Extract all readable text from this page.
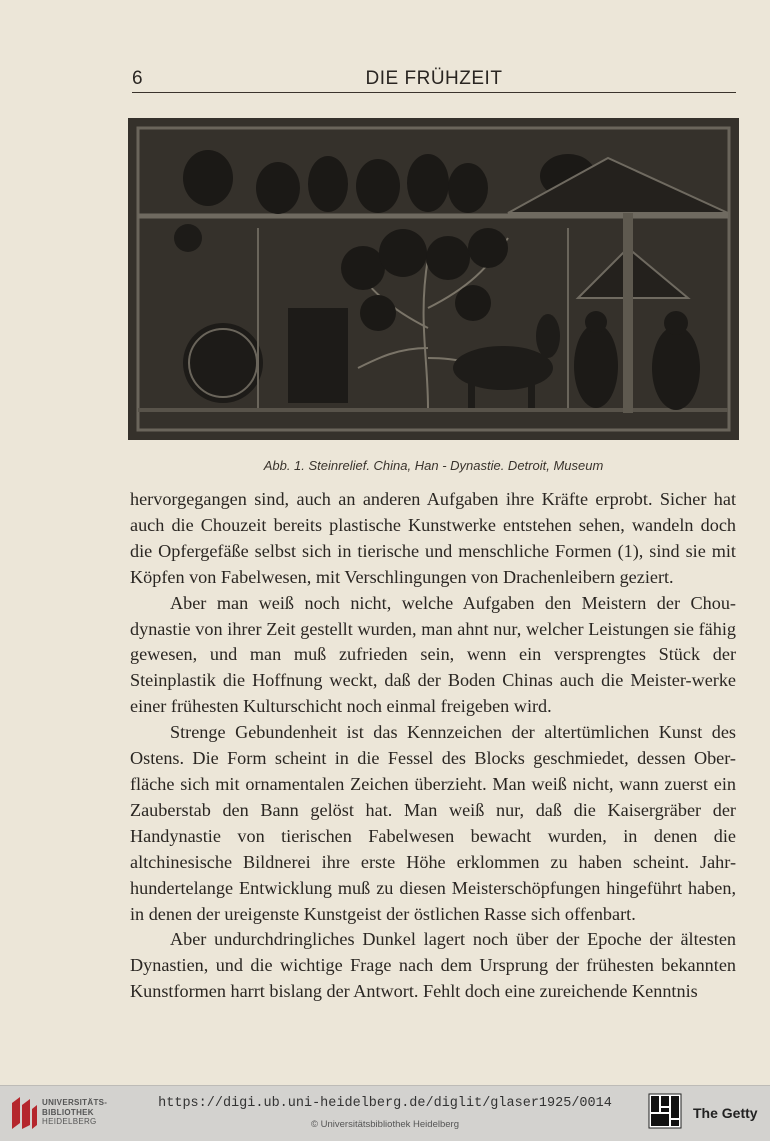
6	DIE FRÜHZEIT
Abb. 1. Steinrelief. China, Han - Dynastie. Detroit, Museum

hervorgegangen sind, auch an anderen Aufgaben ihre Kräfte erprobt. Sicher hat auch die Chouzeit bereits plastische Kunstwerke entstehen sehen, wandeln doch die Opfergefäße selbst sich in tierische und menschliche Formen (1), sind sie mit Köpfen von Fabelwesen, mit Verschlingungen von Drachenleibern geziert.

Aber man weiß noch nicht, welche Aufgaben den Meistern der Chou-dynastie von ihrer Zeit gestellt wurden, man ahnt nur, welcher Leistungen sie fähig gewesen, und man muß zufrieden sein, wenn ein versprengtes Stück der Steinplastik die Hoffnung weckt, daß der Boden Chinas auch die Meister-werke einer frühesten Kulturschicht noch einmal freigeben wird.

Strenge Gebundenheit ist das Kennzeichen der altertümlichen Kunst des Ostens. Die Form scheint in die Fessel des Blocks geschmiedet, dessen Ober-fläche sich mit ornamentalen Zeichen überzieht. Man weiß nicht, wann zuerst ein Zauberstab den Bann gelöst hat. Man weiß nur, daß die Kaisergräber der Handynastie von tierischen Fabelwesen bewacht wurden, in denen die altchinesische Bildnerei ihre erste Höhe erklommen zu haben scheint. Jahr-hundertelange Entwicklung muß zu diesen Meisterschöpfungen hingeführt haben, in denen der ureigenste Kunstgeist der östlichen Rasse sich offenbart.

Aber undurchdringliches Dunkel lagert noch über der Epoche der ältesten Dynastien, und die wichtige Frage nach dem Ursprung der frühesten bekannten Kunstformen harrt bislang der Antwort. Fehlt doch eine zureichende Kenntnis

UNIVERSITÄTS-
BIBLIOTHEK
HEIDELBERG
https://digi.ub.uni-heidelberg.de/diglit/glaser1925/0014
© Universitätsbibliothek Heidelberg
The Getty
